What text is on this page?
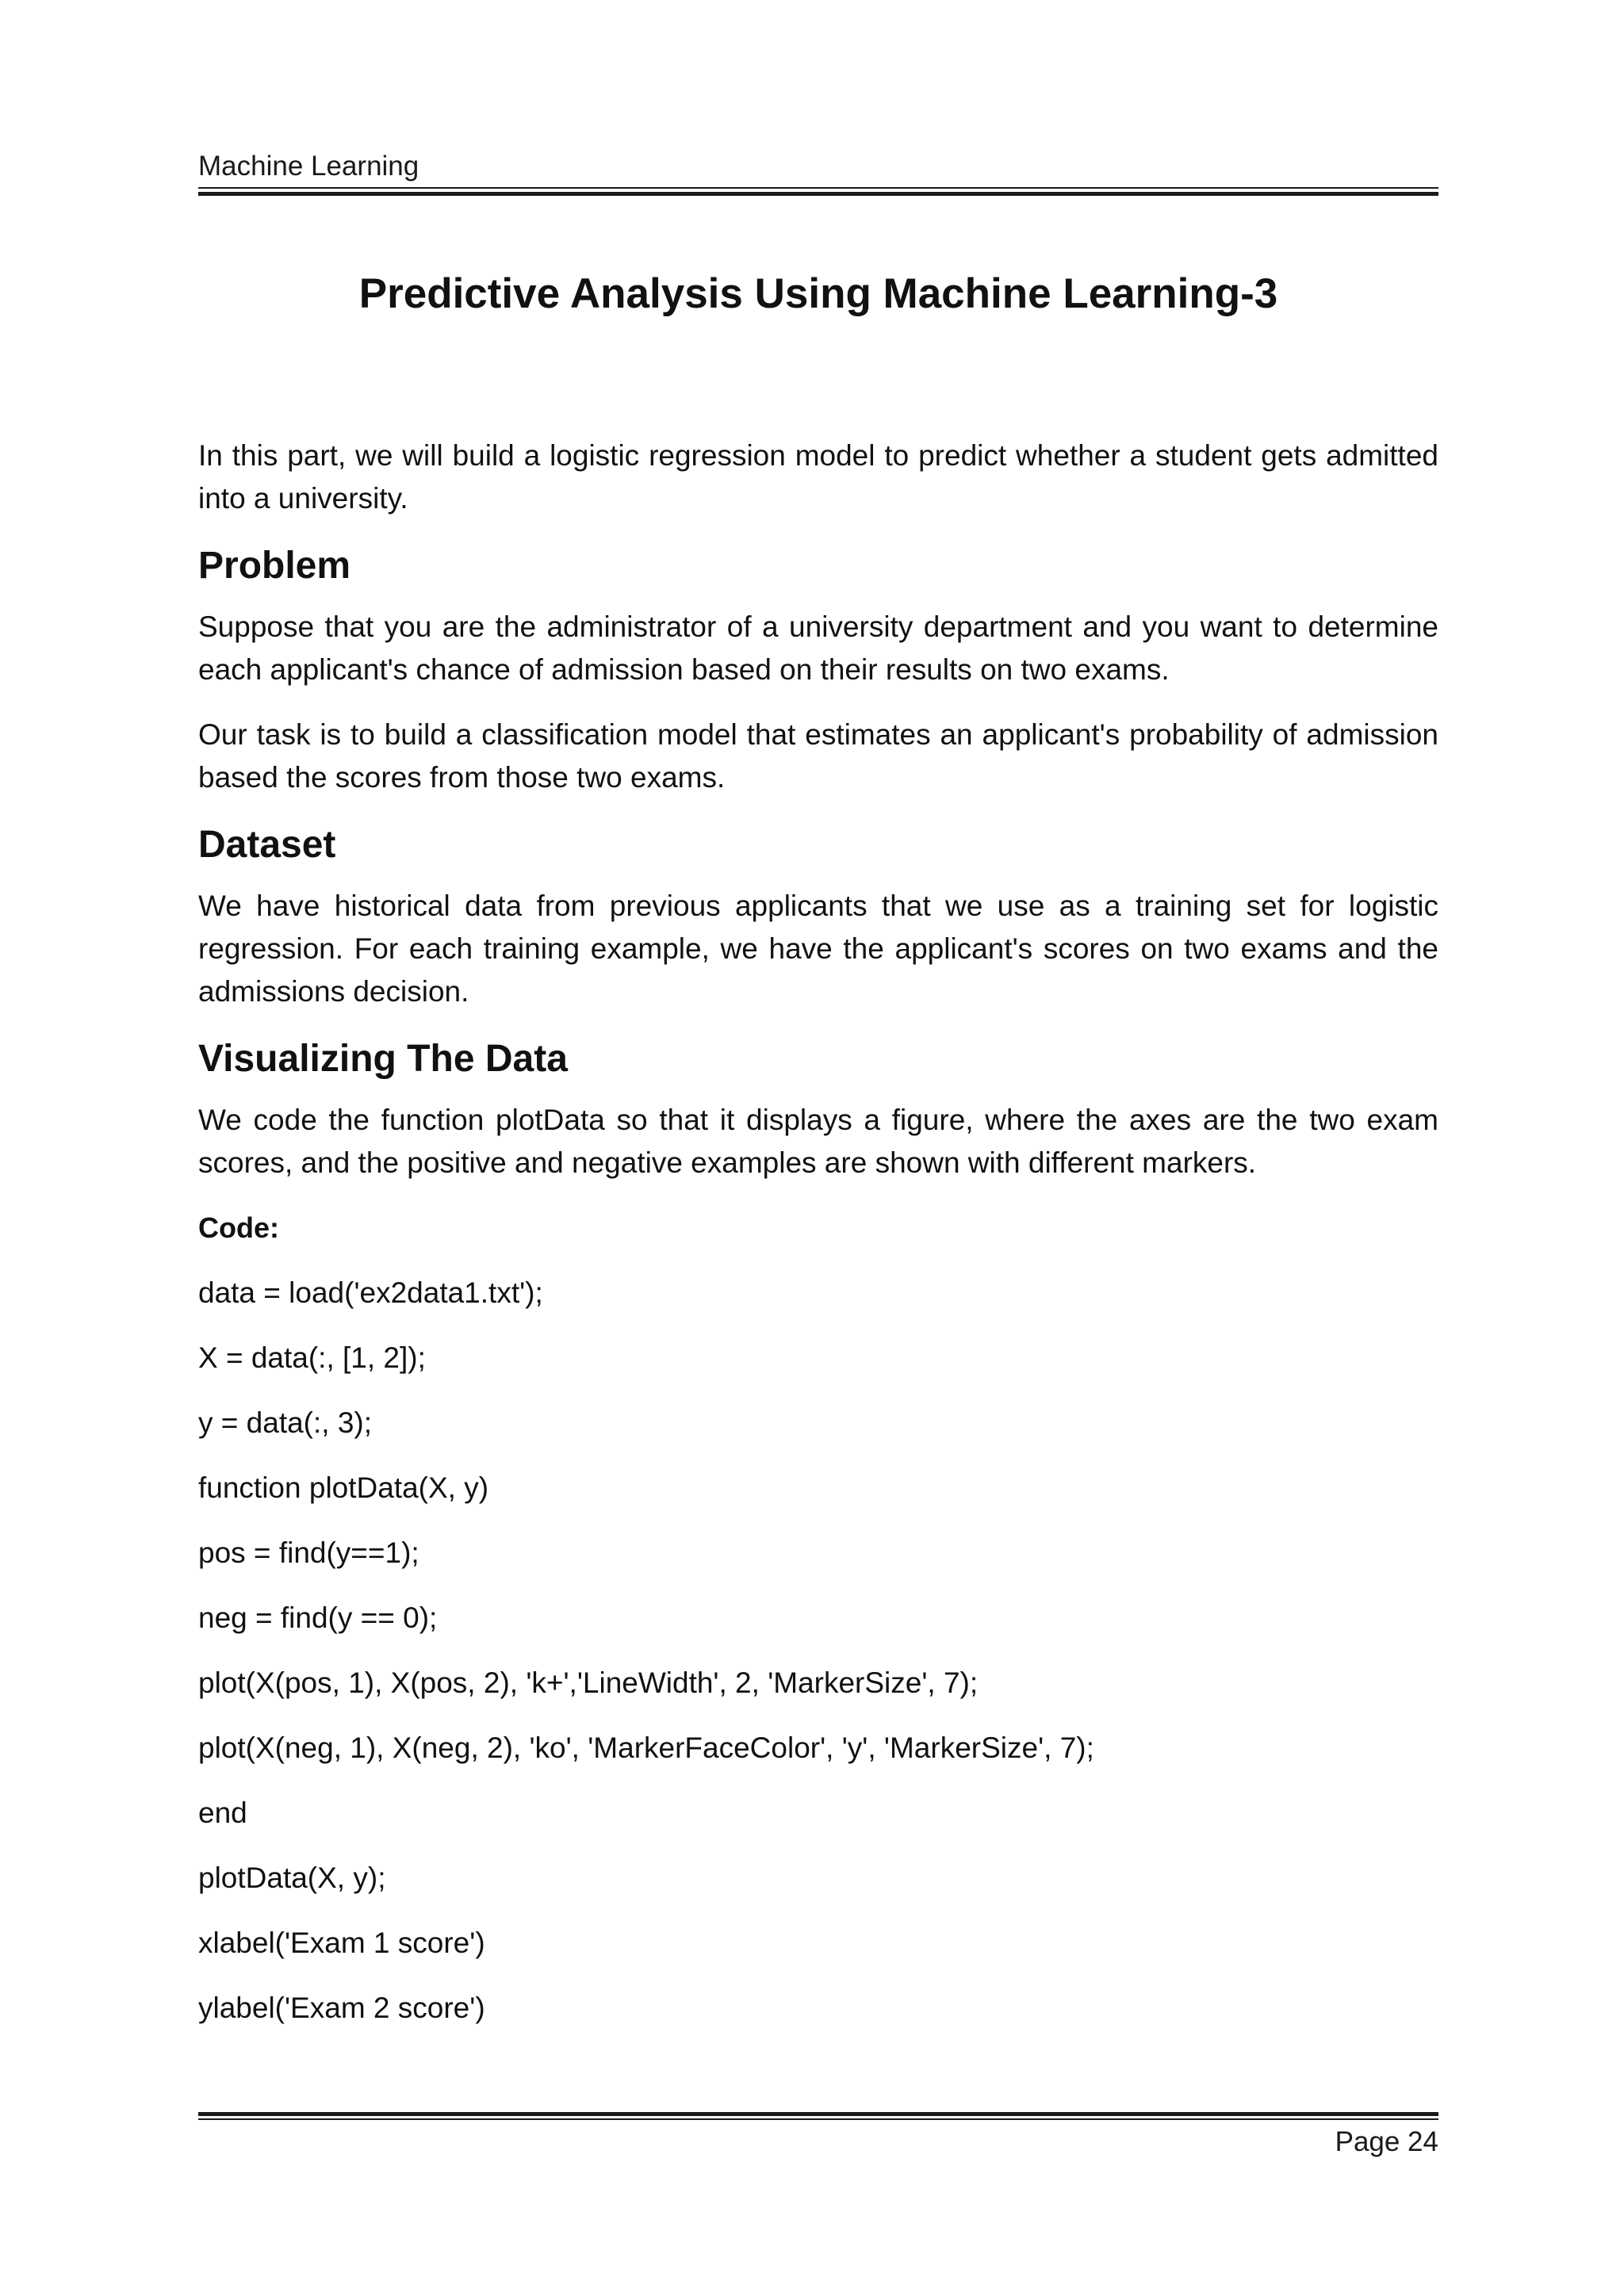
Machine Learning
Predictive Analysis Using Machine Learning-3

In this part, we will build a logistic regression model to predict whether a student gets admitted into a university.

Problem

Suppose that you are the administrator of a university department and you want to determine each applicant's chance of admission based on their results on two exams.

Our task is to build a classification model that estimates an applicant's probability of admission based the scores from those two exams.

Dataset

We have historical data from previous applicants that we use as a training set for logistic regression. For each training example, we have the applicant's scores on two exams and the admissions decision.

Visualizing The Data

We code the function plotData so that it displays a figure, where the axes are the two exam scores, and the positive and negative examples are shown with different markers.

Code:
data = load('ex2data1.txt');
X = data(:, [1, 2]);
y = data(:, 3);
function plotData(X, y)
pos = find(y==1);
neg = find(y == 0);
plot(X(pos, 1), X(pos, 2), 'k+','LineWidth', 2, 'MarkerSize', 7);
plot(X(neg, 1), X(neg, 2), 'ko', 'MarkerFaceColor', 'y', 'MarkerSize', 7);
end
plotData(X, y);
xlabel('Exam 1 score')
ylabel('Exam 2 score')
Page 24
